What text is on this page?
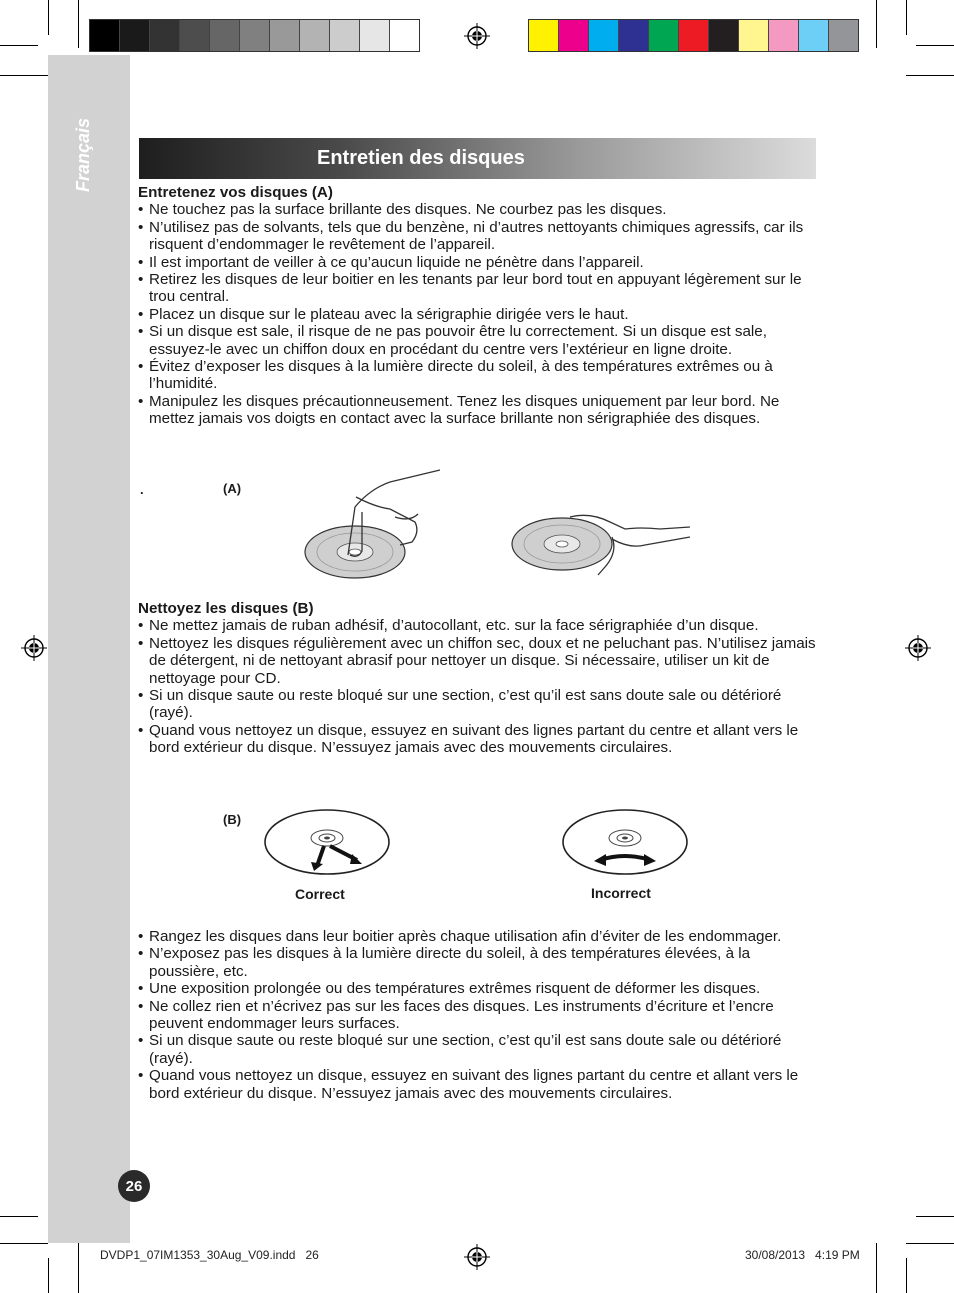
Français	Entretien des disques

Entretenez vos disques (A)

• Ne touchez pas la surface brillante des disques. Ne courbez pas les disques.
• N’utilisez pas de solvants, tels que du benzène, ni d’autres nettoyants chimiques agressifs, car ils risquent d’endommager le revêtement de l’appareil.
• Il est important de veiller à ce qu’aucun liquide ne pénètre dans l’appareil.
• Retirez les disques de leur boitier en les tenants par leur bord tout en appuyant légèrement sur le trou central.
• Placez un disque sur le plateau avec la sérigraphie dirigée vers le haut.
• Si un disque est sale, il risque de ne pas pouvoir être lu correctement. Si un disque est sale, essuyez-le avec un chiffon doux en procédant du centre vers l’extérieur en ligne droite.
• Évitez d’exposer les disques à la lumière directe du soleil, à des températures extrêmes ou à l’humidité.
• Manipulez les disques précautionneusement. Tenez les disques uniquement par leur bord. Ne mettez jamais vos doigts en contact avec la surface brillante non sérigraphiée des disques.
.	(A)

Nettoyez les disques (B)

• Ne mettez jamais de ruban adhésif, d’autocollant, etc. sur la face sérigraphiée d’un disque.
• Nettoyez les disques régulièrement avec un chiffon sec, doux et ne peluchant pas. N’utilisez jamais de détergent, ni de nettoyant abrasif pour nettoyer un disque. Si nécessaire, utiliser un kit de nettoyage pour CD.
• Si un disque saute ou reste bloqué sur une section, c’est qu’il est sans doute sale ou détérioré (rayé).
• Quand vous nettoyez un disque, essuyez en suivant des lignes partant du centre et allant vers le bord extérieur du disque. N’essuyez jamais avec des mouvements circulaires.
(B)
Correct	Incorrect
• Rangez les disques dans leur boitier après chaque utilisation afin d’éviter de les endommager.
• N’exposez pas les disques à la lumière directe du soleil, à des températures élevées, à la poussière, etc.
• Une exposition prolongée ou des températures extrêmes risquent de déformer les disques.
• Ne collez rien et n’écrivez pas sur les faces des disques. Les instruments d’écriture et l’encre peuvent endommager leurs surfaces.
• Si un disque saute ou reste bloqué sur une section, c’est qu’il est sans doute sale ou détérioré (rayé).
• Quand vous nettoyez un disque, essuyez en suivant des lignes partant du centre et allant vers le bord extérieur du disque. N’essuyez jamais avec des mouvements circulaires.
26
DVDP1_07IM1353_30Aug_V09.indd   26	30/08/2013   4:19 PM
